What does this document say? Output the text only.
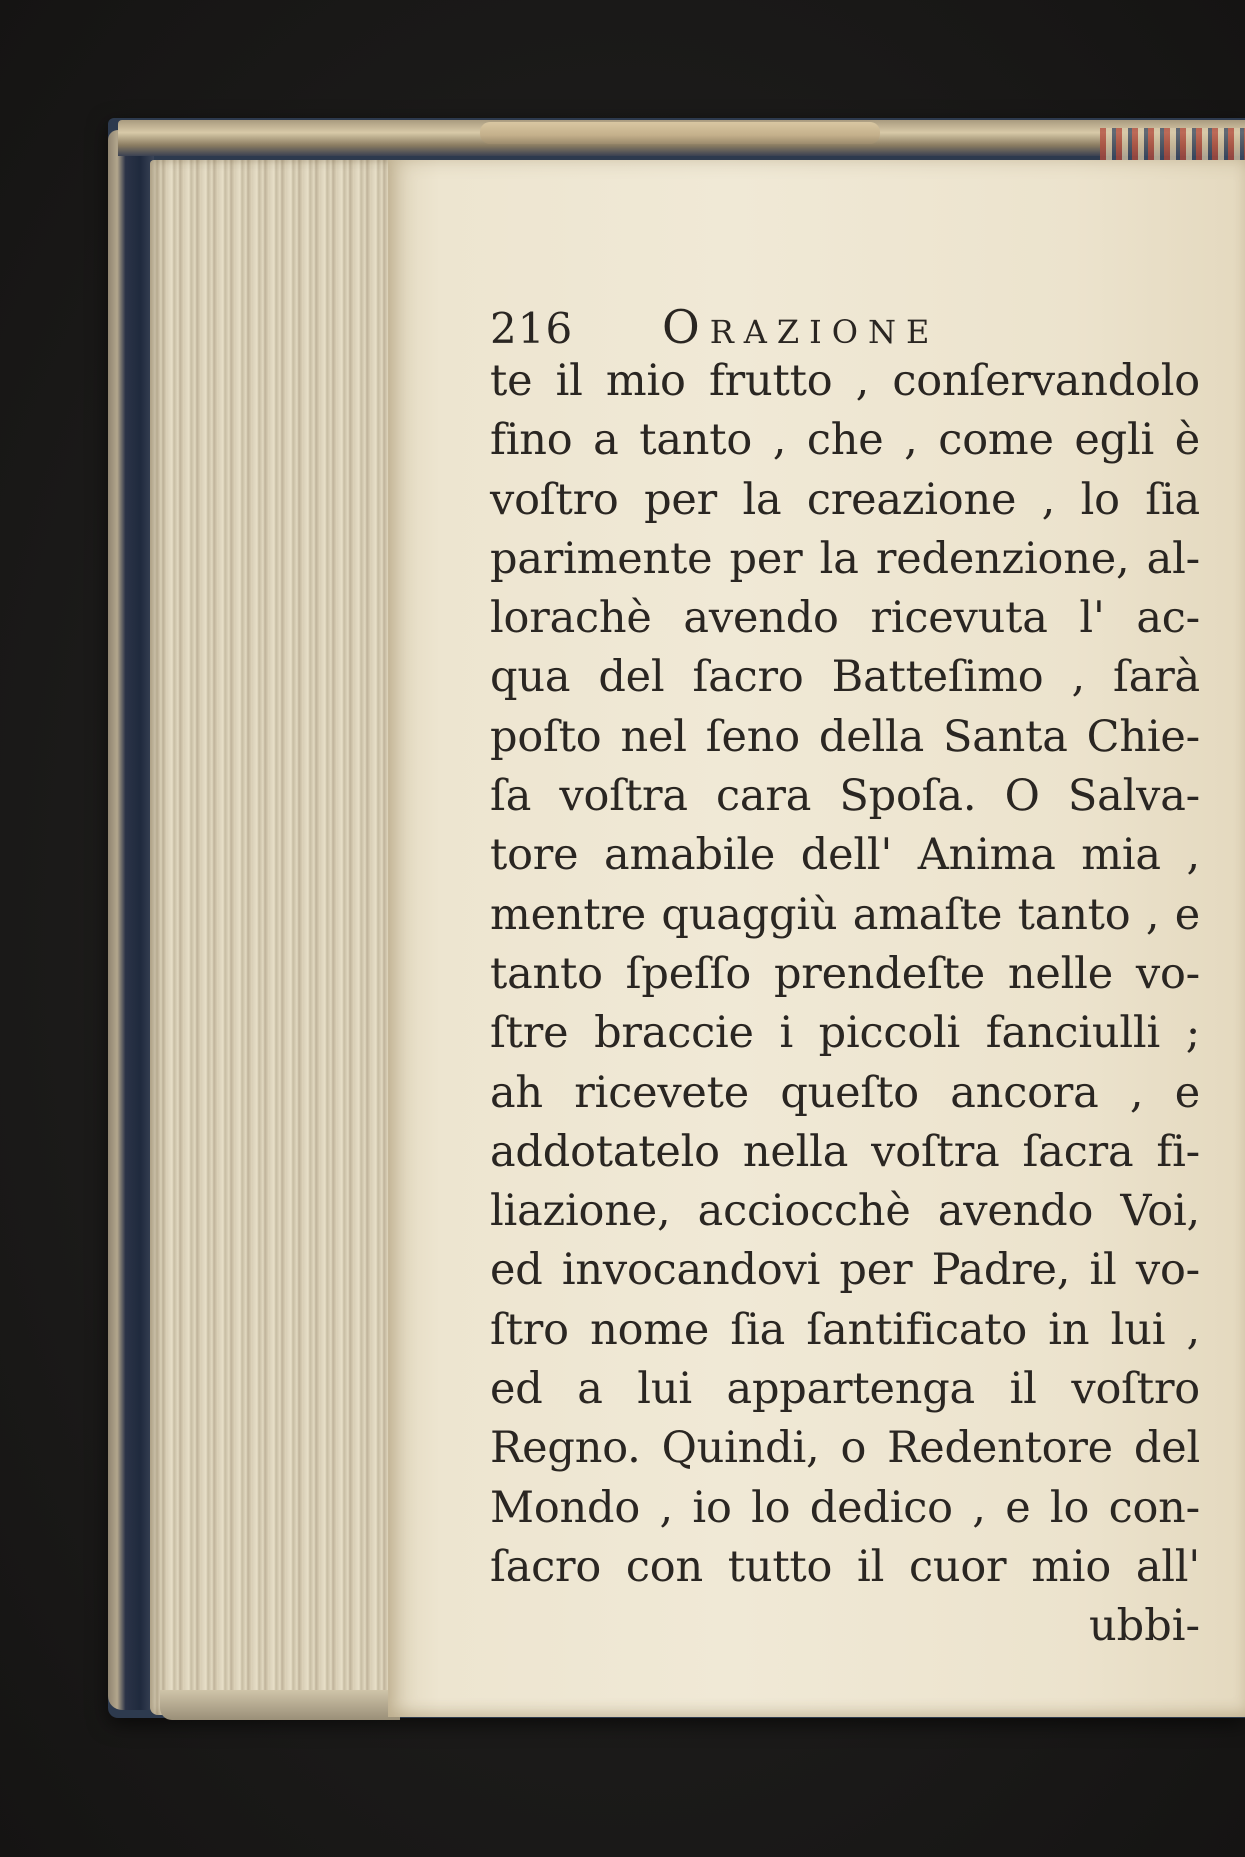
216	Orazione
te il mio frutto , conſervandolo
fino a tanto , che , come egli è
voſtro per la creazione , lo ſia
parimente per la redenzione, al-
lorachè avendo ricevuta l' ac-
qua del ſacro Batteſimo , ſarà
poſto nel ſeno della Santa Chie-
ſa voſtra cara Spoſa. O Salva-
tore amabile dell' Anima mia ,
mentre quaggiù amaſte tanto , e
tanto ſpeſſo prendeſte nelle vo-
ſtre braccie i piccoli fanciulli ;
ah ricevete queſto ancora , e
addotatelo nella voſtra ſacra fi-
liazione, acciocchè avendo Voi,
ed invocandovi per Padre, il vo-
ſtro nome ſia ſantificato in lui ,
ed a lui appartenga il voſtro
Regno. Quindi, o Redentore del
Mondo , io lo dedico , e lo con-
ſacro con tutto il cuor mio all'
ubbi-
